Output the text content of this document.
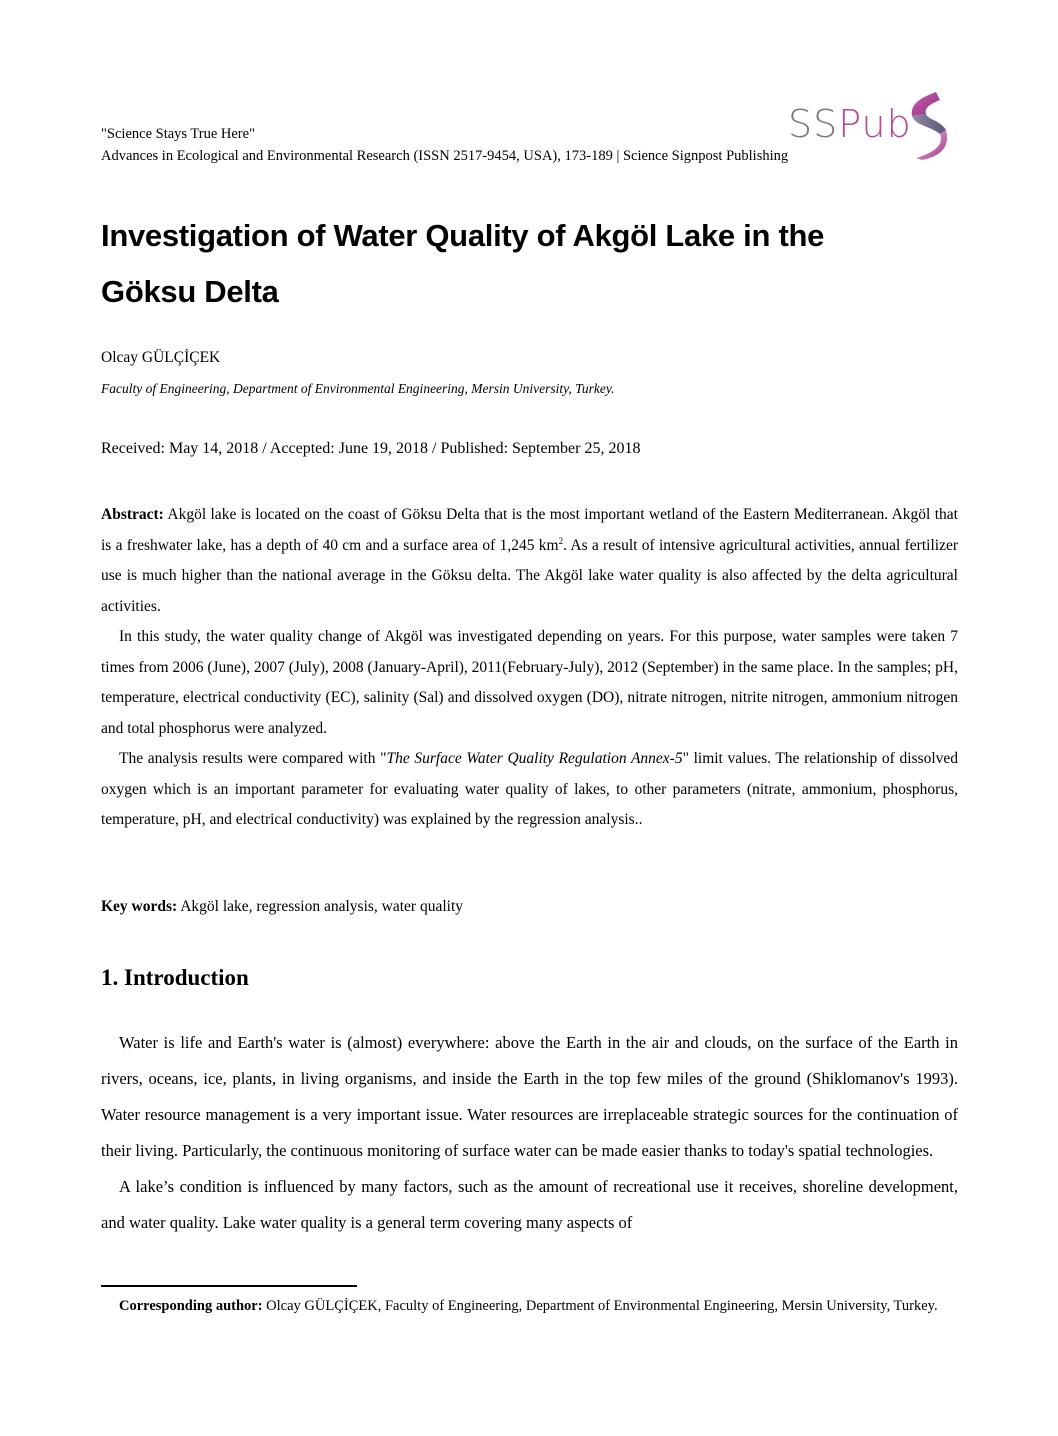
"Science Stays True Here"
Advances in Ecological and Environmental Research (ISSN 2517-9454, USA), 173-189 | Science Signpost Publishing
SSPub
Investigation of Water Quality of Akgöl Lake in the
Göksu Delta
Olcay GÜLÇİÇEK
Faculty of Engineering, Department of Environmental Engineering, Mersin University, Turkey.
Received: May 14, 2018 / Accepted: June 19, 2018 / Published: September 25, 2018

Abstract: Akgöl lake is located on the coast of Göksu Delta that is the most important wetland of the Eastern Mediterranean. Akgöl that is a freshwater lake, has a depth of 40 cm and a surface area of 1,245 $km^2$. As a result of intensive agricultural activities, annual fertilizer use is much higher than the national average in the Göksu delta. The Akgöl lake water quality is also affected by the delta agricultural activities.

In this study, the water quality change of Akgöl was investigated depending on years. For this purpose, water samples were taken 7 times from 2006 (June), 2007 (July), 2008 (January-April), 2011(February-July), 2012 (September) in the same place. In the samples; pH, temperature, electrical conductivity (EC), salinity (Sal) and dissolved oxygen (DO), nitrate nitrogen, nitrite nitrogen, ammonium nitrogen and total phosphorus were analyzed.

The analysis results were compared with "The Surface Water Quality Regulation Annex-5" limit values. The relationship of dissolved oxygen which is an important parameter for evaluating water quality of lakes, to other parameters (nitrate, ammonium, phosphorus, temperature, pH, and electrical conductivity) was explained by the regression analysis..

Key words: Akgöl lake, regression analysis, water quality
1. Introduction

Water is life and Earth's water is (almost) everywhere: above the Earth in the air and clouds, on the surface of the Earth in rivers, oceans, ice, plants, in living organisms, and inside the Earth in the top few miles of the ground (Shiklomanov's 1993). Water resource management is a very important issue. Water resources are irreplaceable strategic sources for the continuation of their living. Particularly, the continuous monitoring of surface water can be made easier thanks to today's spatial technologies.

A lake’s condition is influenced by many factors, such as the amount of recreational use it receives, shoreline development, and water quality. Lake water quality is a general term covering many aspects of

Corresponding author: Olcay GÜLÇİÇEK, Faculty of Engineering, Department of Environmental Engineering, Mersin University, Turkey.
